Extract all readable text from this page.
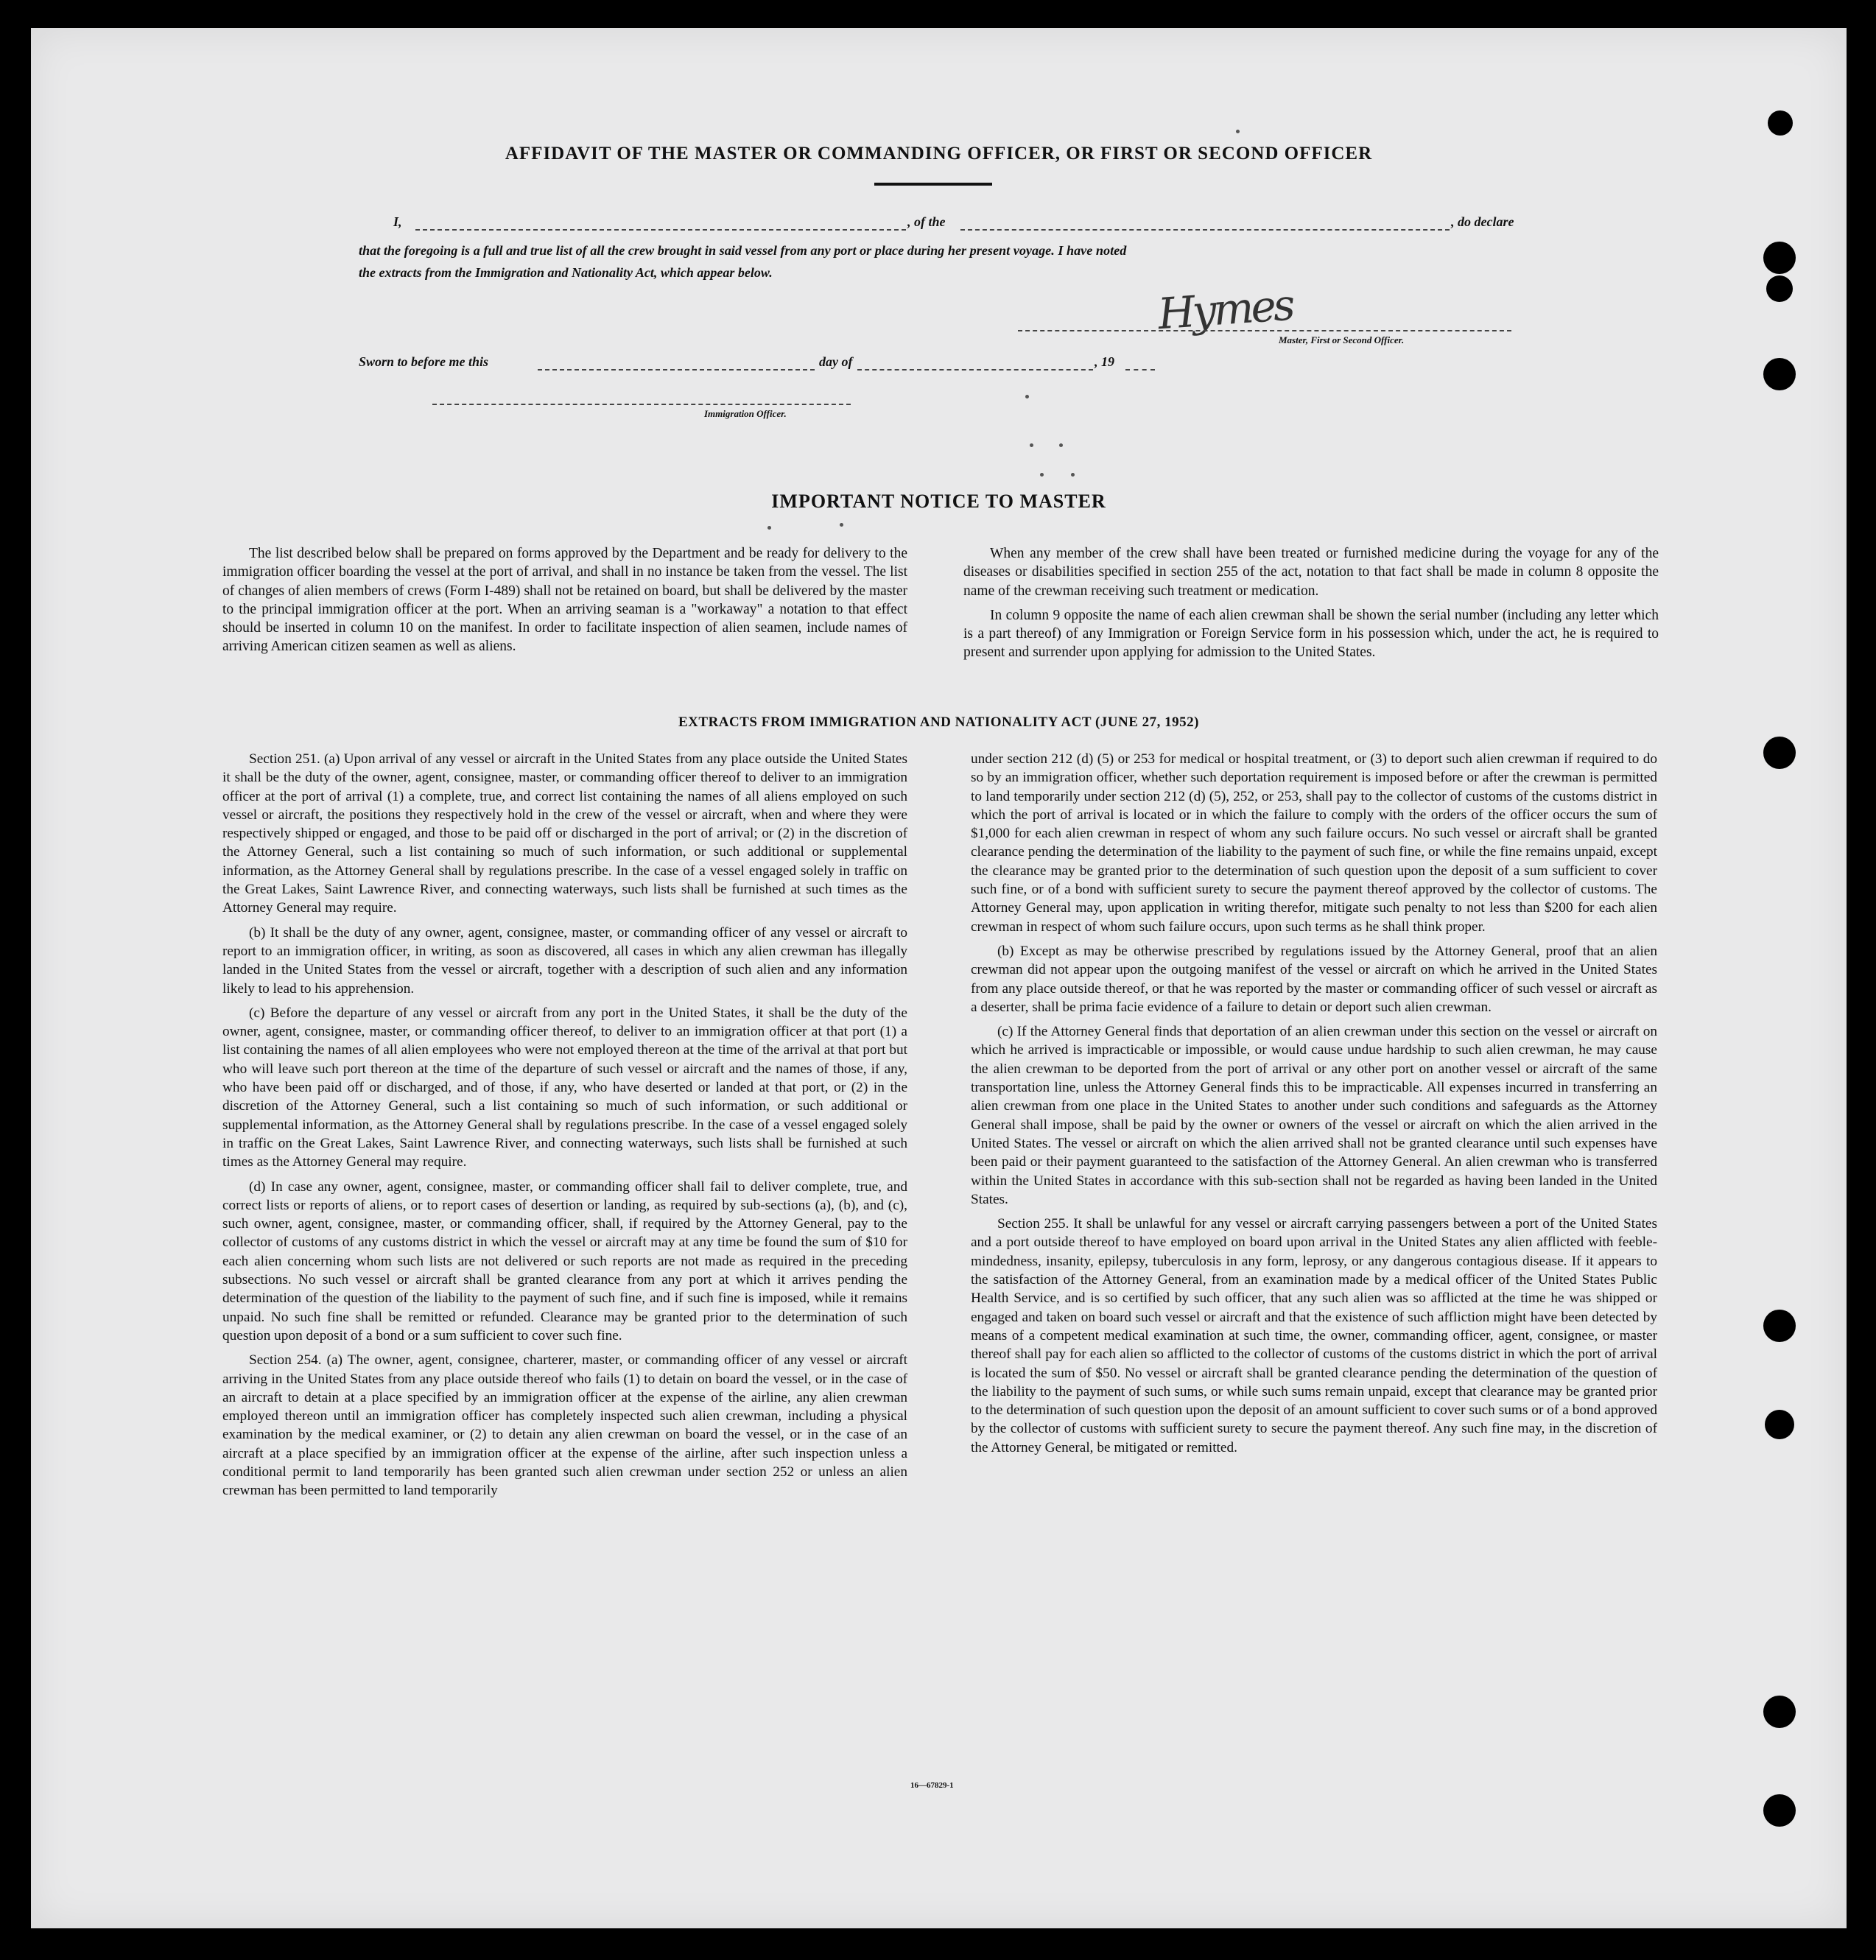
AFFIDAVIT OF THE MASTER OR COMMANDING OFFICER, OR FIRST OR SECOND OFFICER
I,	, of the	, do declare
that the foregoing is a full and true list of all the crew brought in said vessel from any port or place during her present voyage. I have noted
the extracts from the Immigration and Nationality Act, which appear below.
Hymes
Master, First or Second Officer.
Sworn to before me this	day of	, 19
Immigration Officer.
IMPORTANT NOTICE TO MASTER

The list described below shall be prepared on forms approved by the Department and be ready for delivery to the immigration officer boarding the vessel at the port of arrival, and shall in no instance be taken from the vessel. The list of changes of alien members of crews (Form I-489) shall not be retained on board, but shall be delivered by the master to the principal immigration officer at the port. When an arriving seaman is a "workaway" a notation to that effect should be inserted in column 10 on the manifest. In order to facilitate inspection of alien seamen, include names of arriving American citizen seamen as well as aliens.

When any member of the crew shall have been treated or furnished medicine during the voyage for any of the diseases or disabilities specified in section 255 of the act, notation to that fact shall be made in column 8 opposite the name of the crewman receiving such treatment or medication.

In column 9 opposite the name of each alien crewman shall be shown the serial number (including any letter which is a part thereof) of any Immigration or Foreign Service form in his possession which, under the act, he is required to present and surrender upon applying for admission to the United States.

EXTRACTS FROM IMMIGRATION AND NATIONALITY ACT (JUNE 27, 1952)

Section 251. (a) Upon arrival of any vessel or aircraft in the United States from any place outside the United States it shall be the duty of the owner, agent, consignee, master, or commanding officer thereof to deliver to an immigration officer at the port of arrival (1) a complete, true, and correct list containing the names of all aliens employed on such vessel or aircraft, the positions they respectively hold in the crew of the vessel or aircraft, when and where they were respectively shipped or engaged, and those to be paid off or discharged in the port of arrival; or (2) in the discretion of the Attorney General, such a list containing so much of such information, or such additional or supplemental information, as the Attorney General shall by regulations prescribe. In the case of a vessel engaged solely in traffic on the Great Lakes, Saint Lawrence River, and connecting waterways, such lists shall be furnished at such times as the Attorney General may require.

(b) It shall be the duty of any owner, agent, consignee, master, or commanding officer of any vessel or aircraft to report to an immigration officer, in writing, as soon as discovered, all cases in which any alien crewman has illegally landed in the United States from the vessel or aircraft, together with a description of such alien and any information likely to lead to his apprehension.

(c) Before the departure of any vessel or aircraft from any port in the United States, it shall be the duty of the owner, agent, consignee, master, or commanding officer thereof, to deliver to an immigration officer at that port (1) a list containing the names of all alien employees who were not employed thereon at the time of the arrival at that port but who will leave such port thereon at the time of the departure of such vessel or aircraft and the names of those, if any, who have been paid off or discharged, and of those, if any, who have deserted or landed at that port, or (2) in the discretion of the Attorney General, such a list containing so much of such information, or such additional or supplemental information, as the Attorney General shall by regulations prescribe. In the case of a vessel engaged solely in traffic on the Great Lakes, Saint Lawrence River, and connecting waterways, such lists shall be furnished at such times as the Attorney General may require.

(d) In case any owner, agent, consignee, master, or commanding officer shall fail to deliver complete, true, and correct lists or reports of aliens, or to report cases of desertion or landing, as required by sub-sections (a), (b), and (c), such owner, agent, consignee, master, or commanding officer, shall, if required by the Attorney General, pay to the collector of customs of any customs district in which the vessel or aircraft may at any time be found the sum of $10 for each alien concerning whom such lists are not delivered or such reports are not made as required in the preceding subsections. No such vessel or aircraft shall be granted clearance from any port at which it arrives pending the determination of the question of the liability to the payment of such fine, and if such fine is imposed, while it remains unpaid. No such fine shall be remitted or refunded. Clearance may be granted prior to the determination of such question upon deposit of a bond or a sum sufficient to cover such fine.

Section 254. (a) The owner, agent, consignee, charterer, master, or commanding officer of any vessel or aircraft arriving in the United States from any place outside thereof who fails (1) to detain on board the vessel, or in the case of an aircraft to detain at a place specified by an immigration officer at the expense of the airline, any alien crewman employed thereon until an immigration officer has completely inspected such alien crewman, including a physical examination by the medical examiner, or (2) to detain any alien crewman on board the vessel, or in the case of an aircraft at a place specified by an immigration officer at the expense of the airline, after such inspection unless a conditional permit to land temporarily has been granted such alien crewman under section 252 or unless an alien crewman has been permitted to land temporarily

under section 212 (d) (5) or 253 for medical or hospital treatment, or (3) to deport such alien crewman if required to do so by an immigration officer, whether such deportation requirement is imposed before or after the crewman is permitted to land temporarily under section 212 (d) (5), 252, or 253, shall pay to the collector of customs of the customs district in which the port of arrival is located or in which the failure to comply with the orders of the officer occurs the sum of $1,000 for each alien crewman in respect of whom any such failure occurs. No such vessel or aircraft shall be granted clearance pending the determination of the liability to the payment of such fine, or while the fine remains unpaid, except the clearance may be granted prior to the determination of such question upon the deposit of a sum sufficient to cover such fine, or of a bond with sufficient surety to secure the payment thereof approved by the collector of customs. The Attorney General may, upon application in writing therefor, mitigate such penalty to not less than $200 for each alien crewman in respect of whom such failure occurs, upon such terms as he shall think proper.

(b) Except as may be otherwise prescribed by regulations issued by the Attorney General, proof that an alien crewman did not appear upon the outgoing manifest of the vessel or aircraft on which he arrived in the United States from any place outside thereof, or that he was reported by the master or commanding officer of such vessel or aircraft as a deserter, shall be prima facie evidence of a failure to detain or deport such alien crewman.

(c) If the Attorney General finds that deportation of an alien crewman under this section on the vessel or aircraft on which he arrived is impracticable or impossible, or would cause undue hardship to such alien crewman, he may cause the alien crewman to be deported from the port of arrival or any other port on another vessel or aircraft of the same transportation line, unless the Attorney General finds this to be impracticable. All expenses incurred in transferring an alien crewman from one place in the United States to another under such conditions and safeguards as the Attorney General shall impose, shall be paid by the owner or owners of the vessel or aircraft on which the alien arrived in the United States. The vessel or aircraft on which the alien arrived shall not be granted clearance until such expenses have been paid or their payment guaranteed to the satisfaction of the Attorney General. An alien crewman who is transferred within the United States in accordance with this sub-section shall not be regarded as having been landed in the United States.

Section 255. It shall be unlawful for any vessel or aircraft carrying passengers between a port of the United States and a port outside thereof to have employed on board upon arrival in the United States any alien afflicted with feeble-mindedness, insanity, epilepsy, tuberculosis in any form, leprosy, or any dangerous contagious disease. If it appears to the satisfaction of the Attorney General, from an examination made by a medical officer of the United States Public Health Service, and is so certified by such officer, that any such alien was so afflicted at the time he was shipped or engaged and taken on board such vessel or aircraft and that the existence of such affliction might have been detected by means of a competent medical examination at such time, the owner, commanding officer, agent, consignee, or master thereof shall pay for each alien so afflicted to the collector of customs of the customs district in which the port of arrival is located the sum of $50. No vessel or aircraft shall be granted clearance pending the determination of the question of the liability to the payment of such sums, or while such sums remain unpaid, except that clearance may be granted prior to the determination of such question upon the deposit of an amount sufficient to cover such sums or of a bond approved by the collector of customs with sufficient surety to secure the payment thereof. Any such fine may, in the discretion of the Attorney General, be mitigated or remitted.

16—67829-1
